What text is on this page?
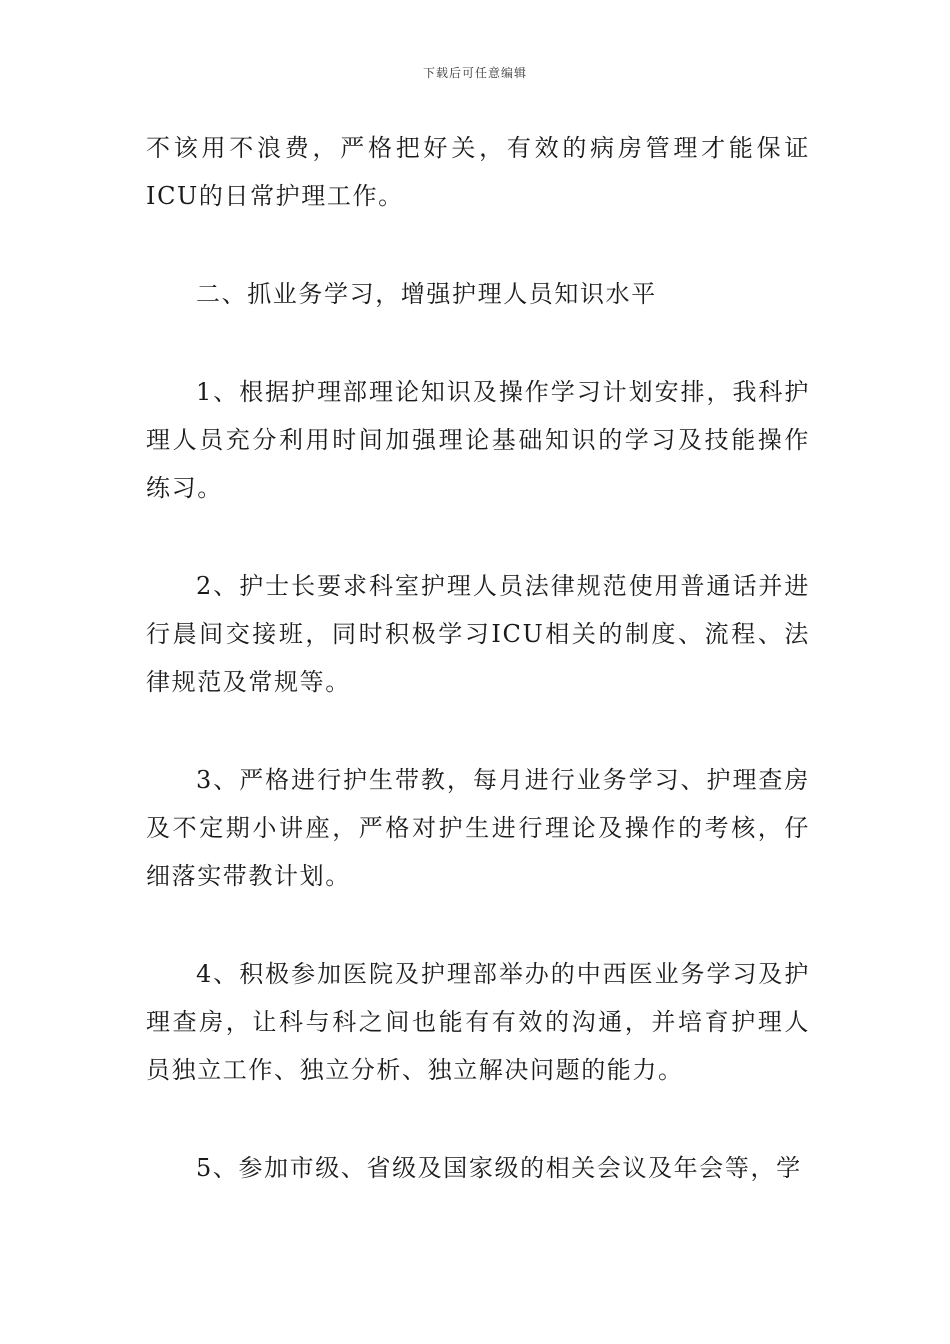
下载后可任意编辑

不该用不浪费，严格把好关，有效的病房管理才能保证ICU的日常护理工作。

二、抓业务学习，增强护理人员知识水平

1、根据护理部理论知识及操作学习计划安排，我科护理人员充分利用时间加强理论基础知识的学习及技能操作练习。

2、护士长要求科室护理人员法律规范使用普通话并进行晨间交接班，同时积极学习ICU相关的制度、流程、法律规范及常规等。

3、严格进行护生带教，每月进行业务学习、护理查房及不定期小讲座，严格对护生进行理论及操作的考核，仔细落实带教计划。

4、积极参加医院及护理部举办的中西医业务学习及护理查房，让科与科之间也能有有效的沟通，并培育护理人员独立工作、独立分析、独立解决问题的能力。

5、参加市级、省级及国家级的相关会议及年会等，学
